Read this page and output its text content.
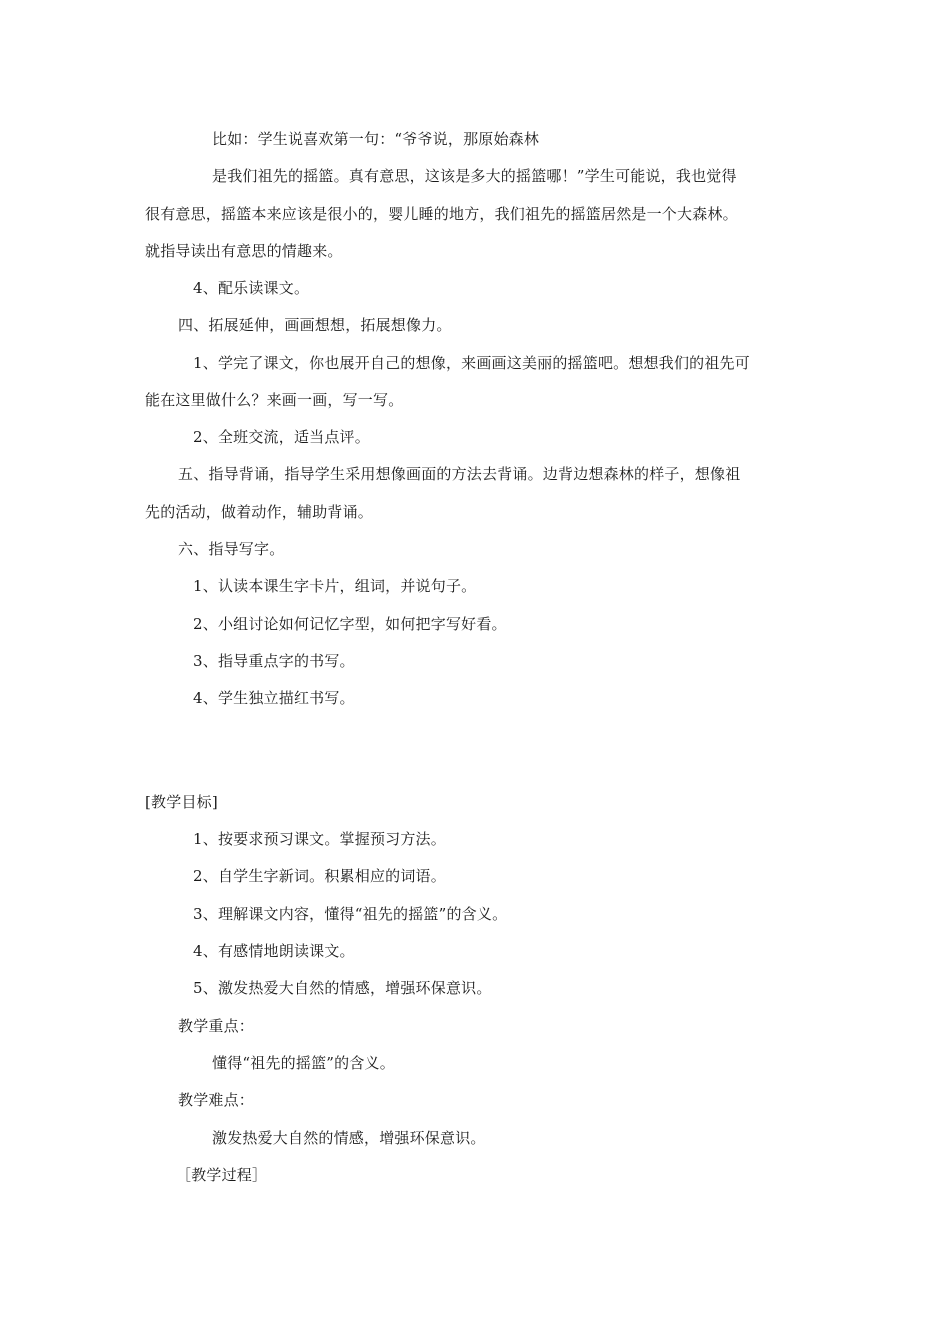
比如：学生说喜欢第一句：“爷爷说，那原始森林
是我们祖先的摇篮。真有意思，这该是多大的摇篮哪！”学生可能说，我也觉得
很有意思，摇篮本来应该是很小的，婴儿睡的地方，我们祖先的摇篮居然是一个大森林。
就指导读出有意思的情趣来。
4、配乐读课文。
四、拓展延伸，画画想想，拓展想像力。
1、学完了课文，你也展开自己的想像，来画画这美丽的摇篮吧。想想我们的祖先可
能在这里做什么？来画一画，写一写。
2、全班交流，适当点评。
五、指导背诵，指导学生采用想像画面的方法去背诵。边背边想森林的样子，想像祖
先的活动，做着动作，辅助背诵。
六、指导写字。
1、认读本课生字卡片，组词，并说句子。
2、小组讨论如何记忆字型，如何把字写好看。
3、指导重点字的书写。
4、学生独立描红书写。
[教学目标]
1、按要求预习课文。掌握预习方法。
2、自学生字新词。积累相应的词语。
3、理解课文内容，懂得“祖先的摇篮”的含义。
4、有感情地朗读课文。
5、激发热爱大自然的情感，增强环保意识。
教学重点：
懂得“祖先的摇篮”的含义。
教学难点：
激发热爱大自然的情感，增强环保意识。
［教学过程］
